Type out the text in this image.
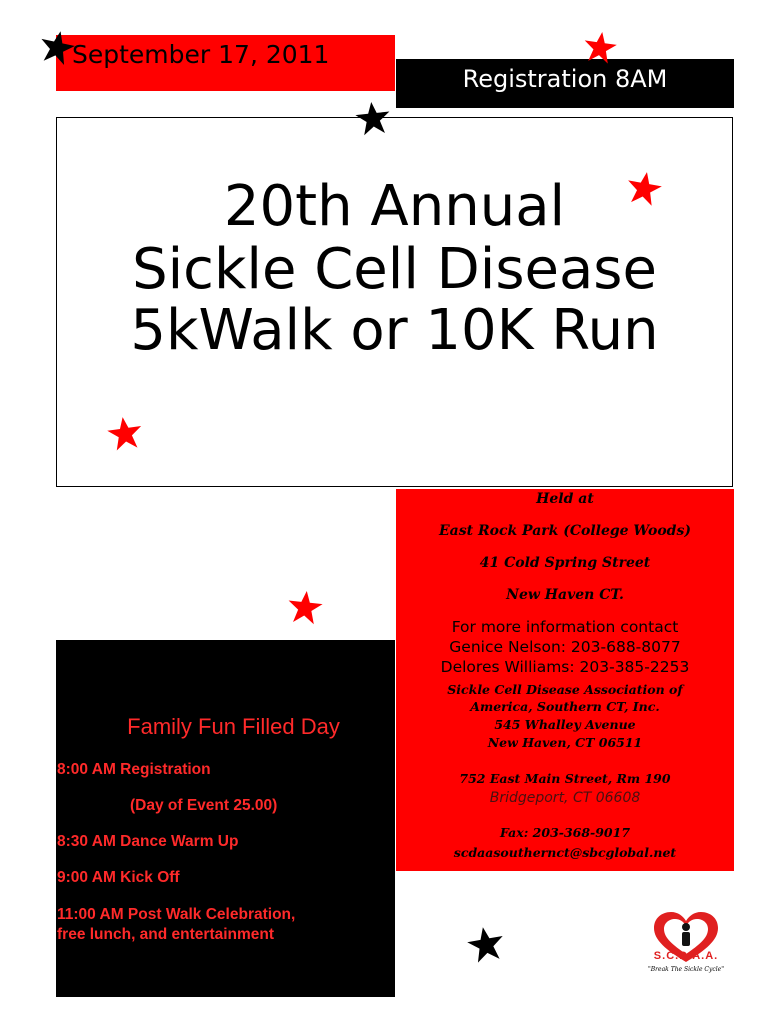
September 17, 2011
Registration 8AM
20th Annual
Sickle Cell Disease
5kWalk or 10K Run
Held at
East Rock Park (College Woods)
41 Cold Spring Street
New Haven CT.
For more information contact
Genice Nelson: 203-688-8077
Delores Williams: 203-385-2253
Sickle Cell Disease Association of
America, Southern CT, Inc.
545 Whalley Avenue
New Haven, CT 06511
752 East Main Street, Rm 190
Bridgeport, CT 06608
Fax: 203-368-9017
scdaasouthernct@sbcglobal.net
Family Fun Filled Day
8:00 AM Registration
(Day of Event 25.00)
8:30 AM Dance Warm Up
9:00 AM Kick Off
11:00 AM Post Walk Celebration,
free lunch, and entertainment
S.C.D.A.A.
"Break The Sickle Cycle"
